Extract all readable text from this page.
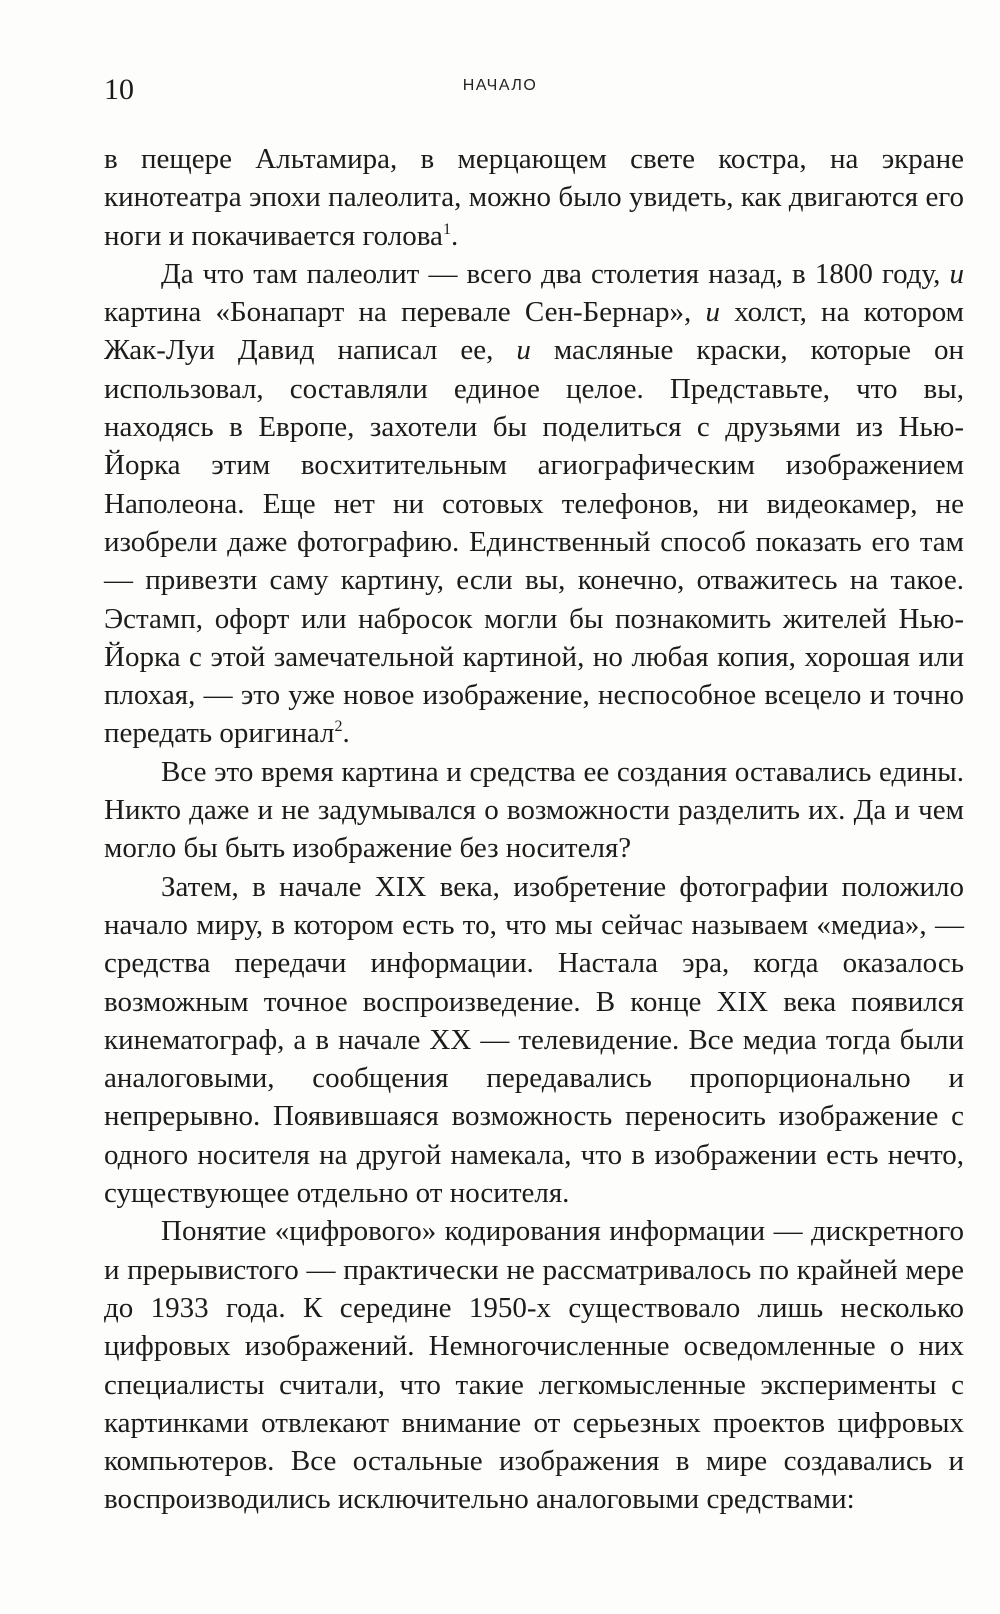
10	НАЧАЛО

в пещере Альтамира, в мерцающем свете костра, на экране кинотеатра эпохи палеолита, можно было увидеть, как двигаются его ноги и покачивается голова$^1$.

Да что там палеолит — всего два столетия назад, в 1800 году, и картина «Бонапарт на перевале Сен-Бернар», и холст, на котором Жак-Луи Давид написал ее, и масляные краски, которые он использовал, составляли единое целое. Представьте, что вы, находясь в Европе, захотели бы поделиться с друзьями из Нью-Йорка этим восхитительным агиографическим изображением Наполеона. Еще нет ни сотовых телефонов, ни видеокамер, не изобрели даже фотографию. Единственный способ показать его там — привезти саму картину, если вы, конечно, отважитесь на такое. Эстамп, офорт или набросок могли бы познакомить жителей Нью-Йорка с этой замечательной картиной, но любая копия, хорошая или плохая, — это уже новое изображение, неспособное всецело и точно передать оригинал$^2$.

Все это время картина и средства ее создания оставались едины. Никто даже и не задумывался о возможности разделить их. Да и чем могло бы быть изображение без носителя?

Затем, в начале XIX века, изобретение фотографии положило начало миру, в котором есть то, что мы сейчас называем «медиа», — средства передачи информации. Настала эра, когда оказалось возможным точное воспроизведение. В конце XIX века появился кинематограф, а в начале XX — телевидение. Все медиа тогда были аналоговыми, сообщения передавались пропорционально и непрерывно. Появившаяся возможность переносить изображение с одного носителя на другой намекала, что в изображении есть нечто, существующее отдельно от носителя.

Понятие «цифрового» кодирования информации — дискретного и прерывистого — практически не рассматривалось по крайней мере до 1933 года. К середине 1950-х существовало лишь несколько цифровых изображений. Немногочисленные осведомленные о них специалисты считали, что такие легкомысленные эксперименты с картинками отвлекают внимание от серьезных проектов цифровых компьютеров. Все остальные изображения в мире создавались и воспроизводились исключительно аналоговыми средствами:
